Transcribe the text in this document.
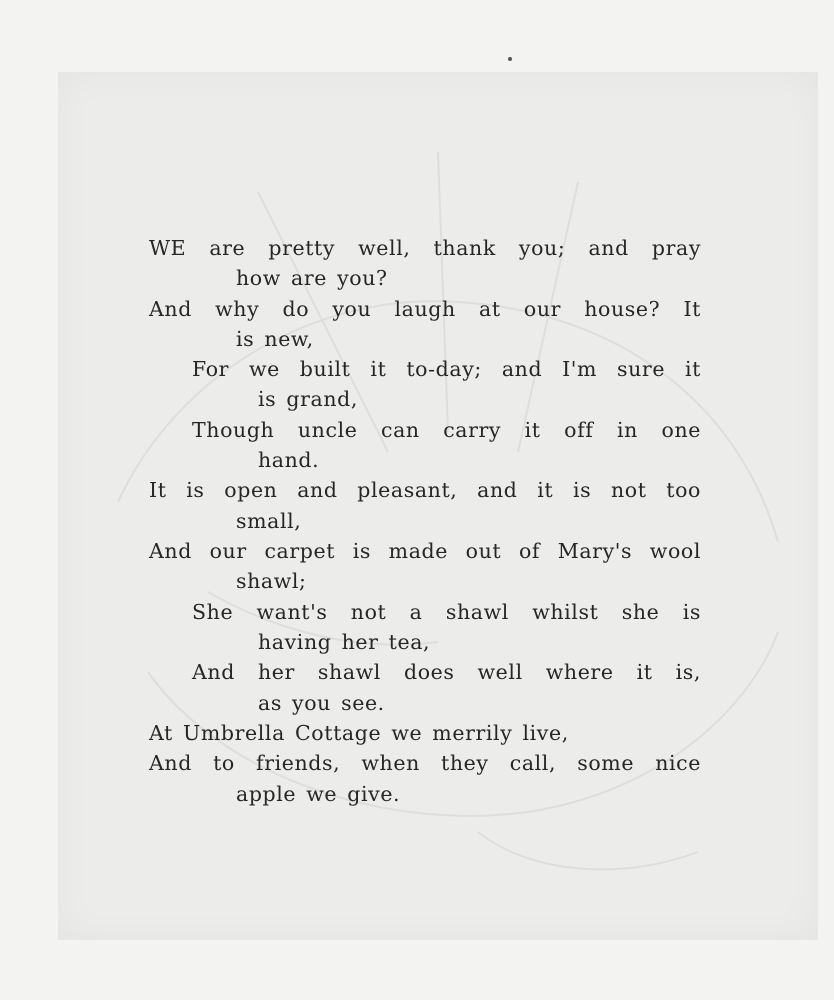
WE are pretty well, thank you; and pray
how are you?
And why do you laugh at our house? It
is new,
For we built it to-day; and I'm sure it
is grand,
Though uncle can carry it off in one
hand.
It is open and pleasant, and it is not too
small,
And our carpet is made out of Mary's wool
shawl;
She want's not a shawl whilst she is
having her tea,
And her shawl does well where it is,
as you see.
At Umbrella Cottage we merrily live,
And to friends, when they call, some nice
apple we give.
